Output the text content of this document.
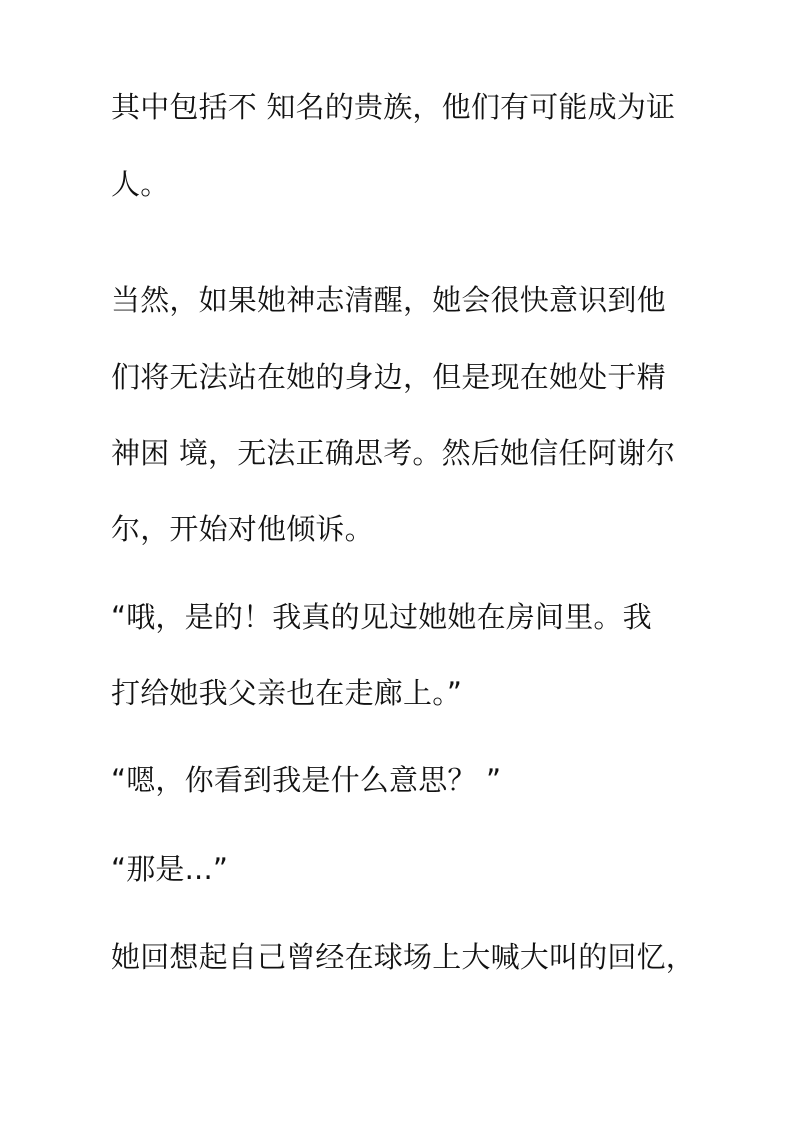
其中包括不 知名的贵族，他们有可能成为证
人。
当然，如果她神志清醒，她会很快意识到他
们将无法站在她的身边，但是现在她处于精
神困 境，无法正确思考。然后她信任阿谢尔
尔，开始对他倾诉。
“哦，是的！我真的见过她她在房间里。我
打给她我父亲也在走廊上。”
“嗯，你看到我是什么意思？ ”
“那是...”
她回想起自己曾经在球场上大喊大叫的回忆，
